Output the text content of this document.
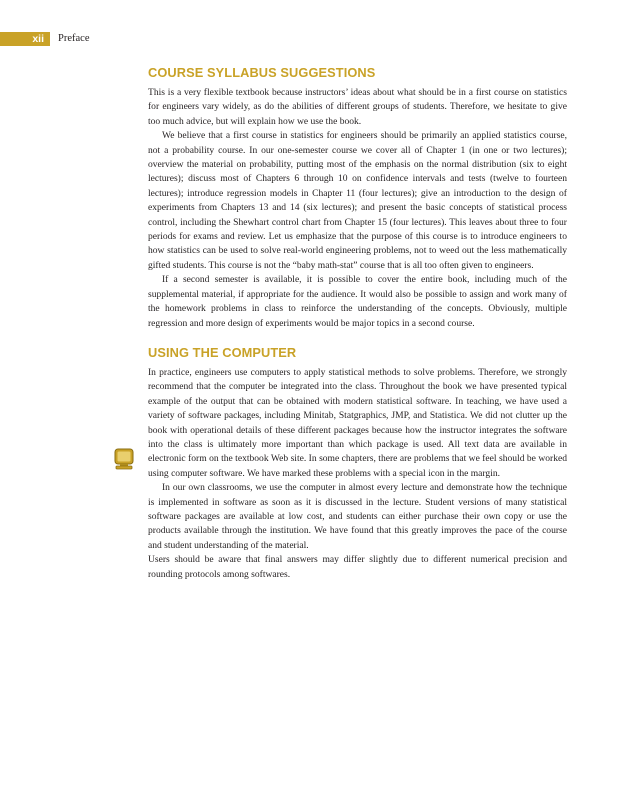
xii Preface
COURSE SYLLABUS SUGGESTIONS

This is a very flexible textbook because instructors’ ideas about what should be in a first course on statistics for engineers vary widely, as do the abilities of different groups of students. Therefore, we hesitate to give too much advice, but will explain how we use the book.

We believe that a first course in statistics for engineers should be primarily an applied statistics course, not a probability course. In our one-semester course we cover all of Chapter 1 (in one or two lectures); overview the material on probability, putting most of the emphasis on the normal distribution (six to eight lectures); discuss most of Chapters 6 through 10 on confidence intervals and tests (twelve to fourteen lectures); introduce regression models in Chapter 11 (four lectures); give an introduction to the design of experiments from Chapters 13 and 14 (six lectures); and present the basic concepts of statistical process control, including the Shewhart control chart from Chapter 15 (four lectures). This leaves about three to four periods for exams and review. Let us emphasize that the purpose of this course is to introduce engineers to how statistics can be used to solve real-world engineering problems, not to weed out the less mathematically gifted students. This course is not the “baby math-stat” course that is all too often given to engineers.

If a second semester is available, it is possible to cover the entire book, including much of the supplemental material, if appropriate for the audience. It would also be possible to assign and work many of the homework problems in class to reinforce the understanding of the concepts. Obviously, multiple regression and more design of experiments would be major topics in a second course.

USING THE COMPUTER

In practice, engineers use computers to apply statistical methods to solve problems. Therefore, we strongly recommend that the computer be integrated into the class. Throughout the book we have presented typical example of the output that can be obtained with modern statistical software. In teaching, we have used a variety of software packages, including Minitab, Statgraphics, JMP, and Statistica. We did not clutter up the book with operational details of these different packages because how the instructor integrates the software into the class is ultimately more important than which package is used. All text data are available in electronic form on the textbook Web site. In some chapters, there are problems that we feel should be worked using computer software. We have marked these problems with a special icon in the margin.

In our own classrooms, we use the computer in almost every lecture and demonstrate how the technique is implemented in software as soon as it is discussed in the lecture. Student versions of many statistical software packages are available at low cost, and students can either purchase their own copy or use the products available through the institution. We have found that this greatly improves the pace of the course and student understanding of the material.

Users should be aware that final answers may differ slightly due to different numerical precision and rounding protocols among softwares.
